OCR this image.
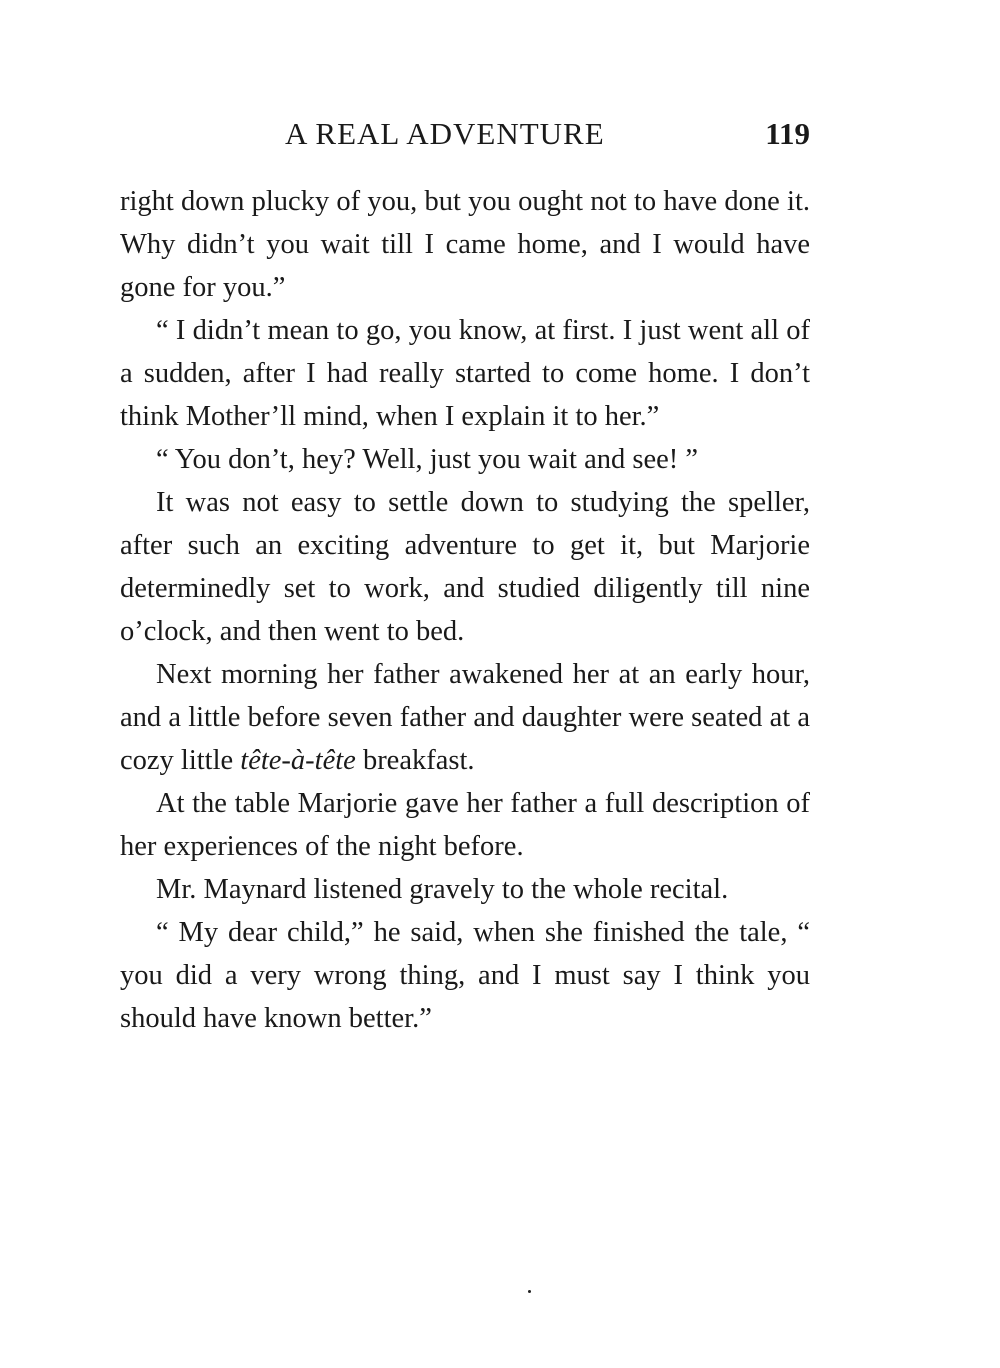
A REAL ADVENTURE	119

right down plucky of you, but you ought not to have done it. Why didn’t you wait till I came home, and I would have gone for you.”

“ I didn’t mean to go, you know, at first. I just went all of a sudden, after I had really started to come home. I don’t think Mother’ll mind, when I explain it to her.”

“ You don’t, hey? Well, just you wait and see! ”

It was not easy to settle down to studying the speller, after such an exciting adventure to get it, but Marjorie determinedly set to work, and studied diligently till nine o’clock, and then went to bed.

Next morning her father awakened her at an early hour, and a little before seven father and daughter were seated at a cozy little tête-à-tête breakfast.

At the table Marjorie gave her father a full description of her experiences of the night before.

Mr. Maynard listened gravely to the whole recital.

“ My dear child,” he said, when she finished the tale, “ you did a very wrong thing, and I must say I think you should have known better.”
